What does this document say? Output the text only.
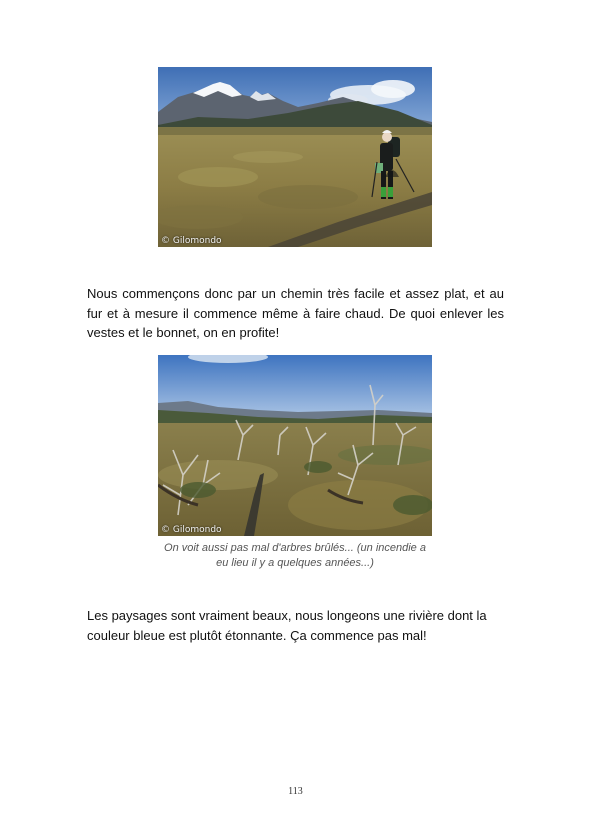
© Gilomondo

Nous commençons donc par un chemin très facile et assez plat, et au fur et à mesure il commence même à faire chaud. De quoi enlever les vestes et le bonnet, on en profite!

© Gilomondo

On voit aussi pas mal d'arbres brûlés... (un incendie a eu lieu il y a quelques années...)

Les paysages sont vraiment beaux, nous longeons une rivière dont la couleur bleue est plutôt étonnante. Ça commence pas mal!

113
